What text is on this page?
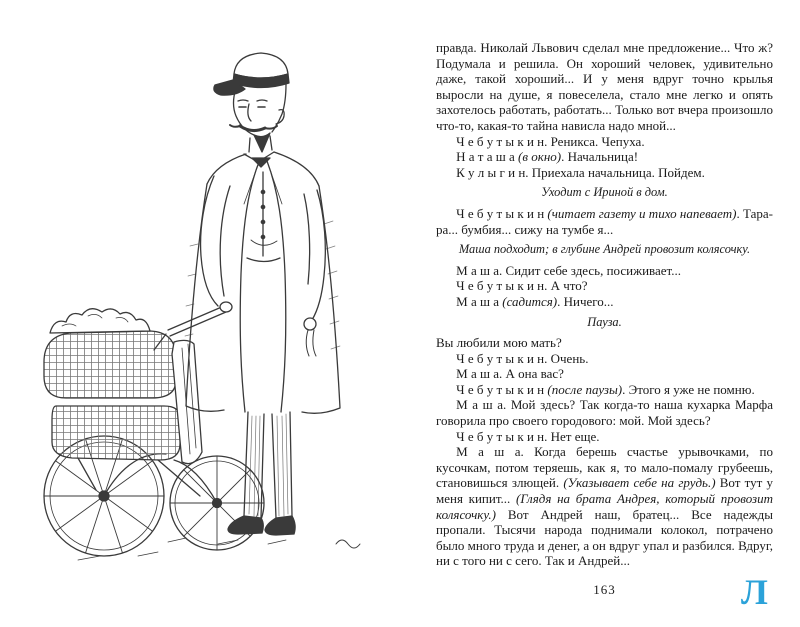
правда. Николай Львович сделал мне предложение... Что ж? Подумала и решила. Он хороший человек, удивительно даже, такой хороший... И у меня вдруг точно крылья выросли на душе, я повеселела, стало мне легко и опять захотелось работать, работать... Только вот вчера произошло что-то, какая-то тайна нависла надо мной...

Ч е б у т ы к и н. Реникса. Чепуха.

Н а т а ш а (в окно). Начальница!

К у л ы г и н. Приехала начальница. Пойдем.

Уходит с Ириной в дом.

Ч е б у т ы к и н (читает газету и тихо напевает). Тара-ра... бумбия... сижу на тумбе я...

Маша подходит; в глубине Андрей провозит колясочку.

М а ш а. Сидит себе здесь, посиживает...

Ч е б у т ы к и н. А что?

М а ш а (садится). Ничего...

Пауза.

Вы любили мою мать?

Ч е б у т ы к и н. Очень.

М а ш а. А она вас?

Ч е б у т ы к и н (после паузы). Этого я уже не помню.

М а ш а. Мой здесь? Так когда-то наша кухарка Марфа говорила про своего городового: мой. Мой здесь?

Ч е б у т ы к и н. Нет еще.

М а ш а. Когда берешь счастье урывочками, по кусочкам, потом теряешь, как я, то мало-помалу грубеешь, становишься злющей. (Указывает себе на грудь.) Вот тут у меня кипит... (Глядя на брата Андрея, который провозит колясочку.) Вот Андрей наш, братец... Все надежды пропали. Тысячи народа поднимали колокол, потрачено было много труда и денег, а он вдруг упал и разбился. Вдруг, ни с того ни с сего. Так и Андрей...

163	Л
